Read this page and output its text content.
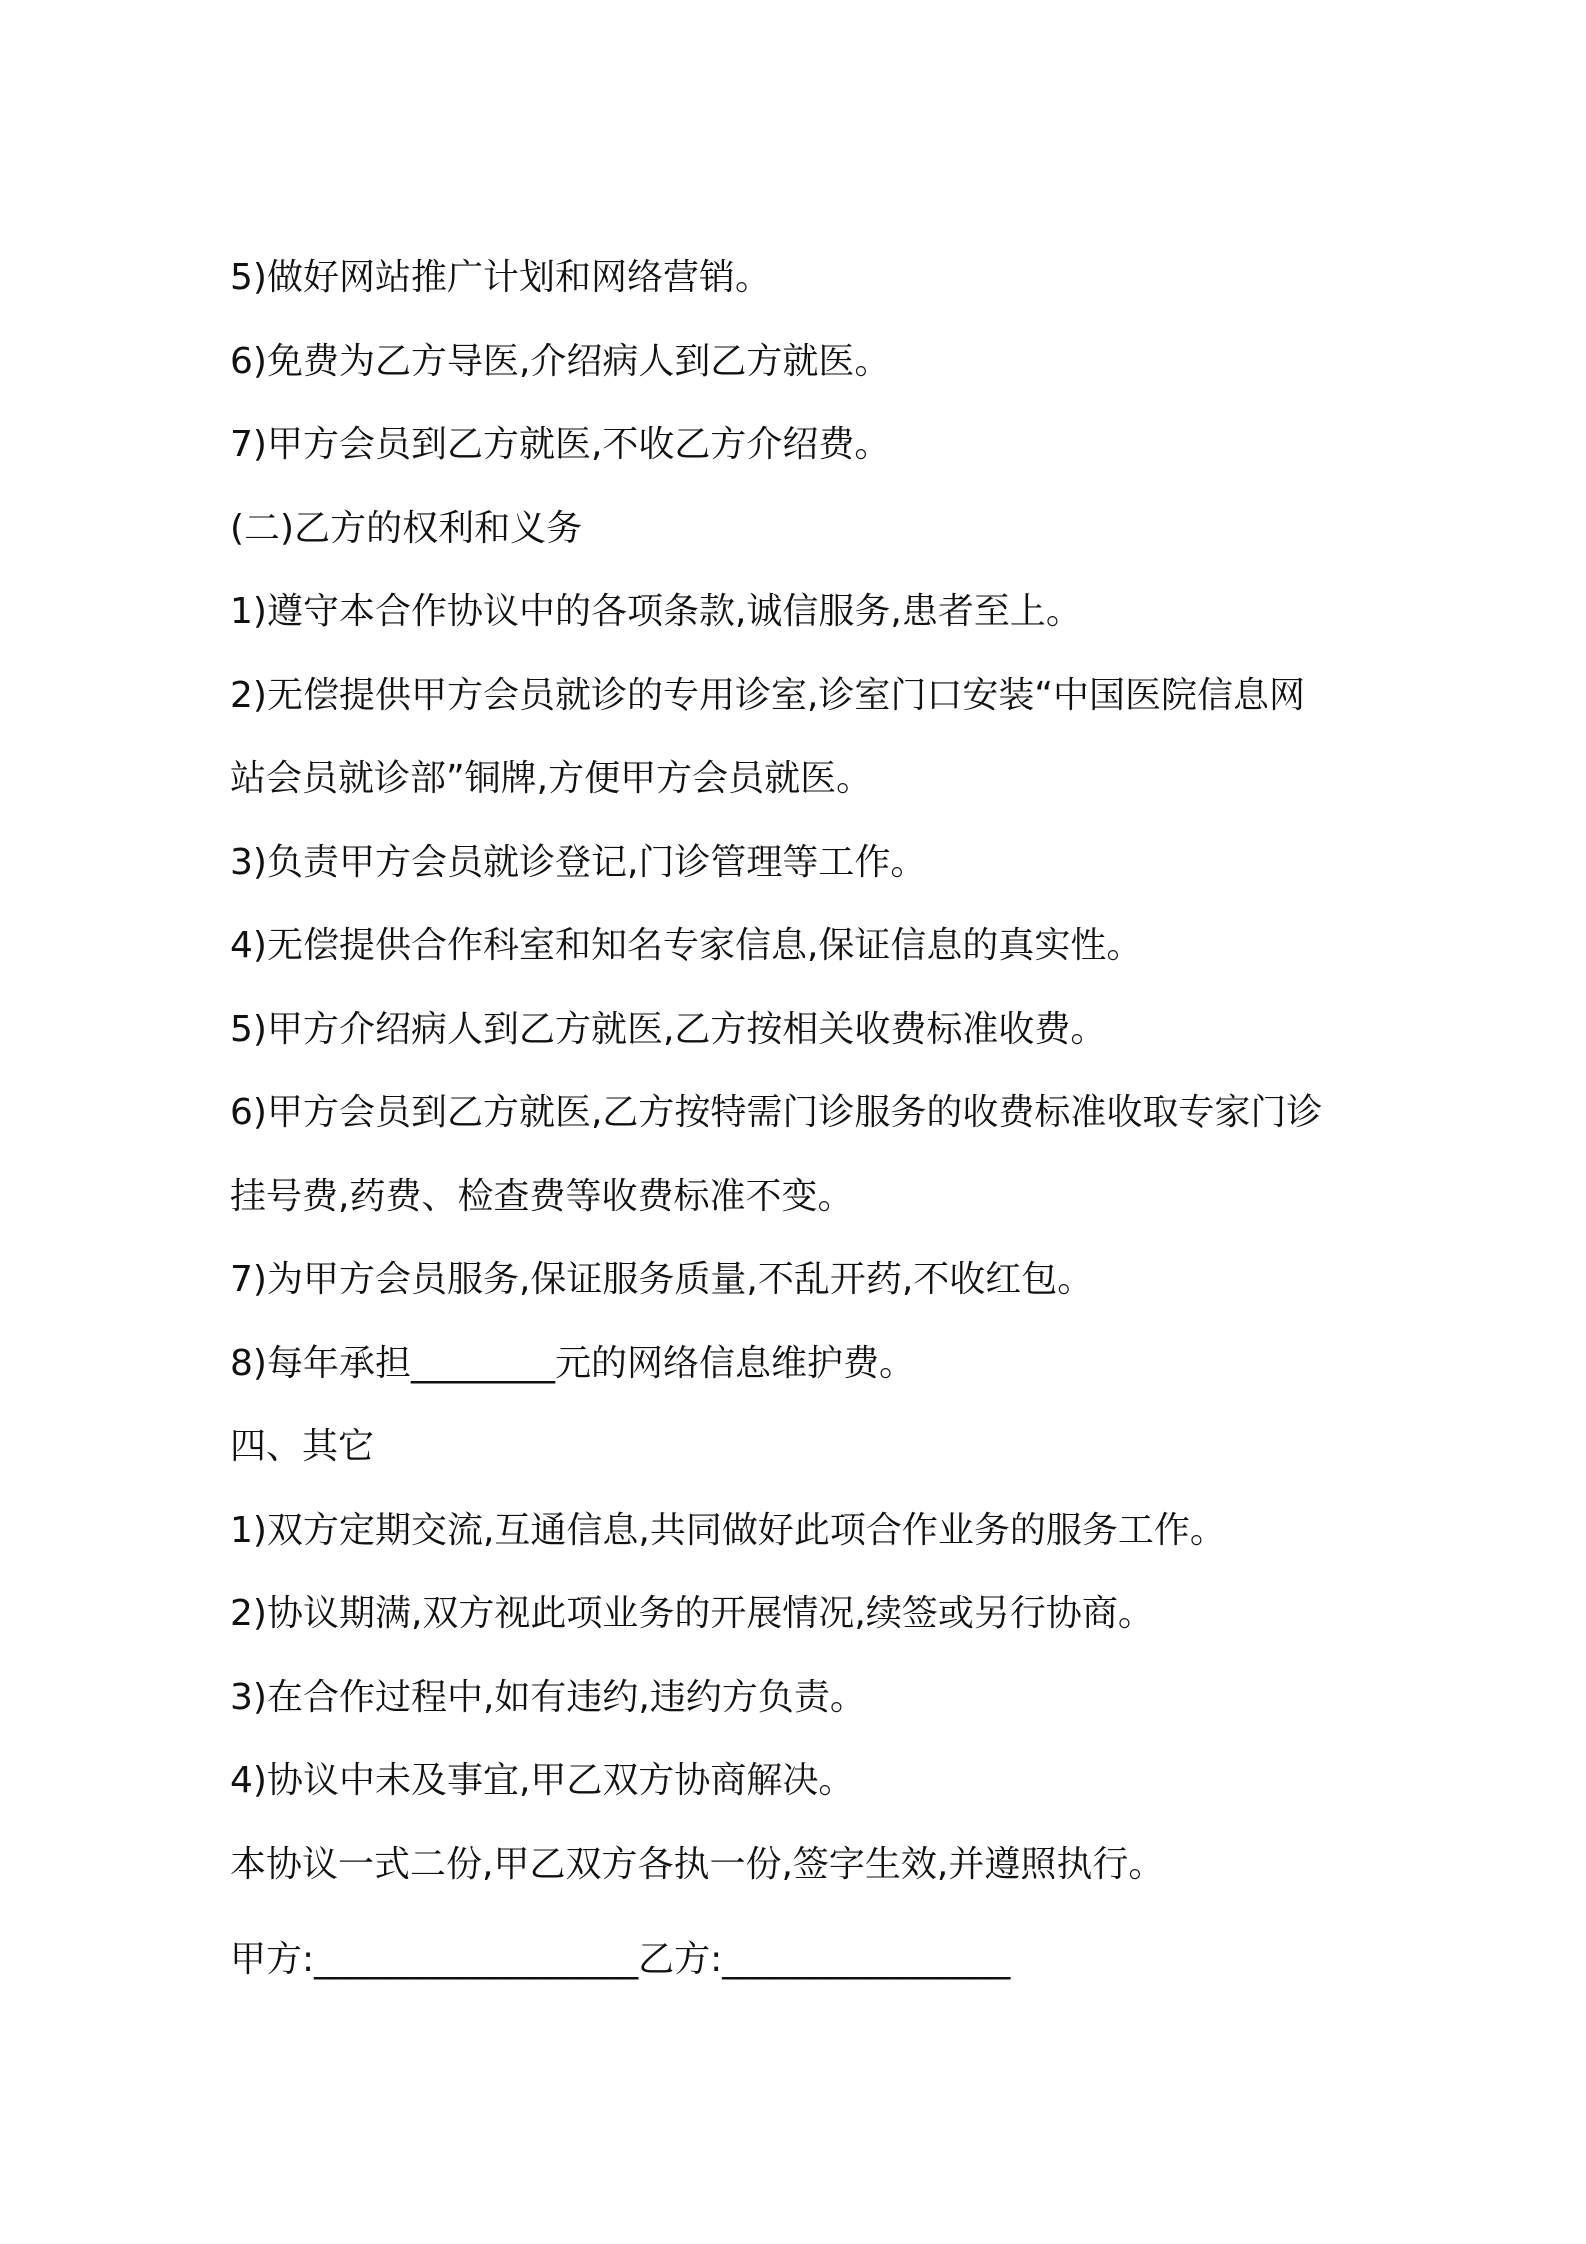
5)做好网站推广计划和网络营销。
6)免费为乙方导医,介绍病人到乙方就医。
7)甲方会员到乙方就医,不收乙方介绍费。
(二)乙方的权利和义务
1)遵守本合作协议中的各项条款,诚信服务,患者至上。
2)无偿提供甲方会员就诊的专用诊室,诊室门口安装“中国医院信息网
站会员就诊部”铜牌,方便甲方会员就医。
3)负责甲方会员就诊登记,门诊管理等工作。
4)无偿提供合作科室和知名专家信息,保证信息的真实性。
5)甲方介绍病人到乙方就医,乙方按相关收费标准收费。
6)甲方会员到乙方就医,乙方按特需门诊服务的收费标准收取专家门诊
挂号费,药费、检查费等收费标准不变。
7)为甲方会员服务,保证服务质量,不乱开药,不收红包。
8)每年承担________元的网络信息维护费。
四、其它
1)双方定期交流,互通信息,共同做好此项合作业务的服务工作。
2)协议期满,双方视此项业务的开展情况,续签或另行协商。
3)在合作过程中,如有违约,违约方负责。
4)协议中未及事宜,甲乙双方协商解决。
本协议一式二份,甲乙双方各执一份,签字生效,并遵照执行。
甲方:__________________乙方:________________
